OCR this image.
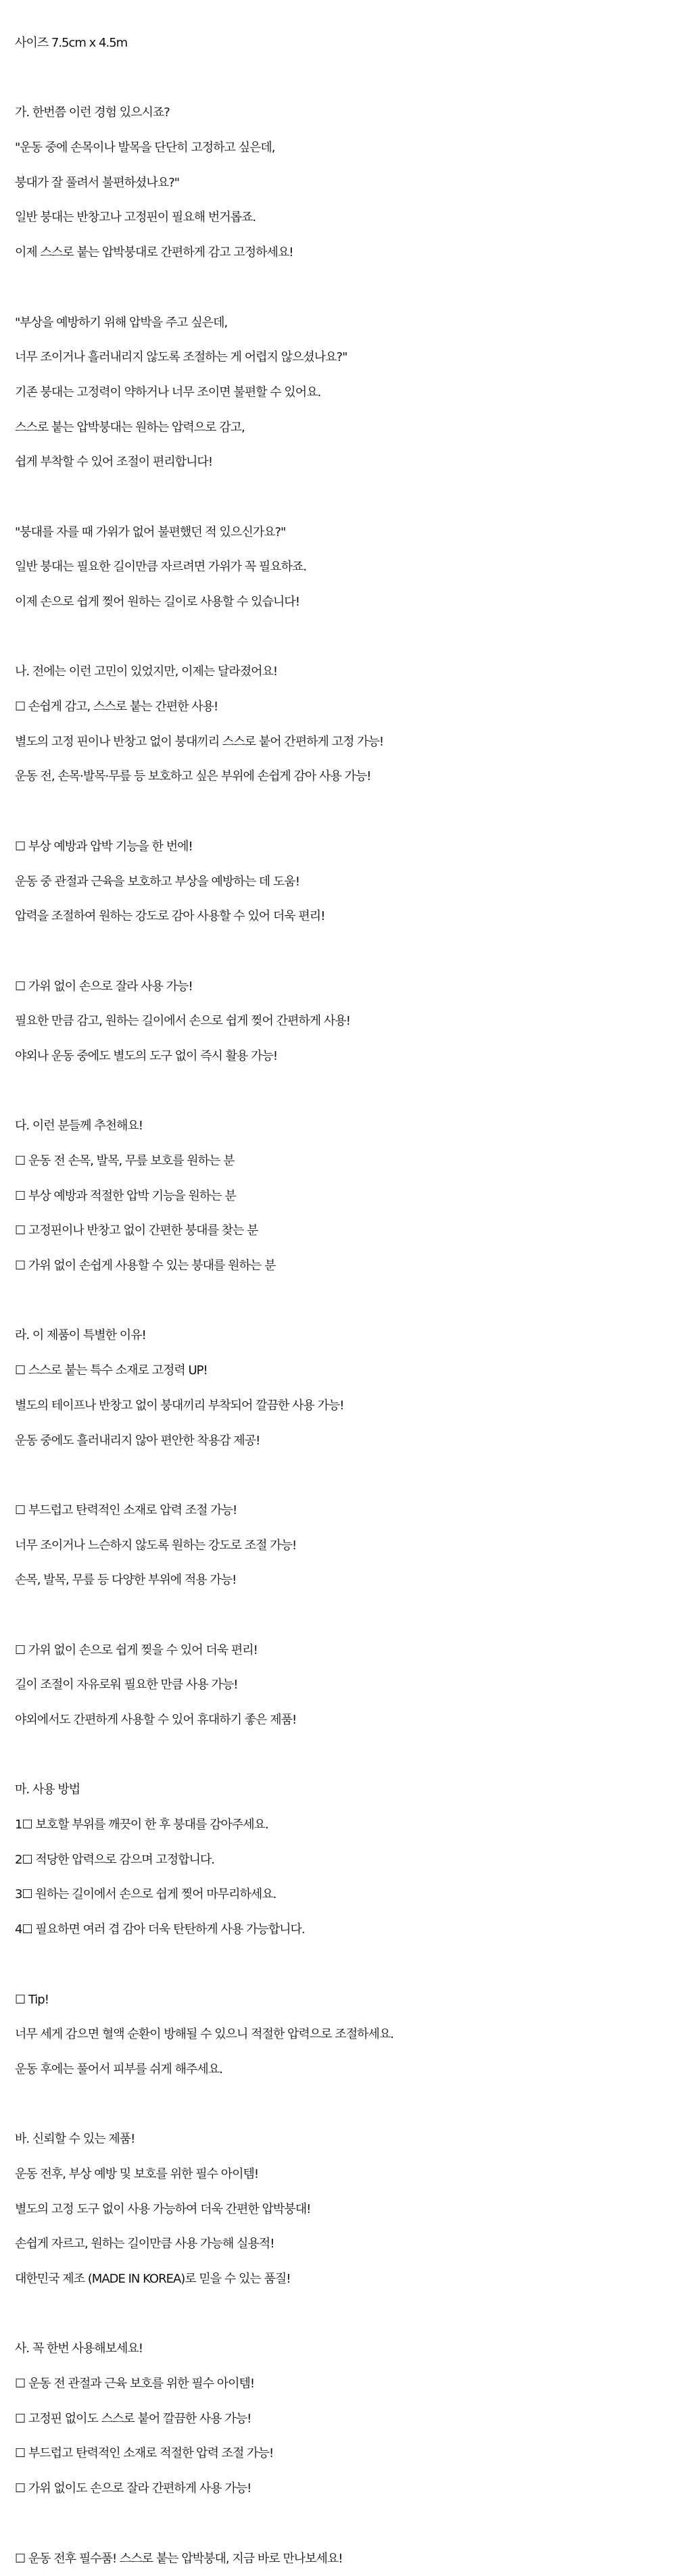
사이즈 7.5cm x 4.5m
가. 한번쯤 이런 경험 있으시죠?
"운동 중에 손목이나 발목을 단단히 고정하고 싶은데,
붕대가 잘 풀려서 불편하셨나요?"
일반 붕대는 반창고나 고정핀이 필요해 번거롭죠.
이제 스스로 붙는 압박붕대로 간편하게 감고 고정하세요!
"부상을 예방하기 위해 압박을 주고 싶은데,
너무 조이거나 흘러내리지 않도록 조절하는 게 어렵지 않으셨나요?"
기존 붕대는 고정력이 약하거나 너무 조이면 불편할 수 있어요.
스스로 붙는 압박붕대는 원하는 압력으로 감고,
쉽게 부착할 수 있어 조절이 편리합니다!
"붕대를 자를 때 가위가 없어 불편했던 적 있으신가요?"
일반 붕대는 필요한 길이만큼 자르려면 가위가 꼭 필요하죠.
이제 손으로 쉽게 찢어 원하는 길이로 사용할 수 있습니다!
나. 전에는 이런 고민이 있었지만, 이제는 달라졌어요!
☐ 손쉽게 감고, 스스로 붙는 간편한 사용!
별도의 고정 핀이나 반창고 없이 붕대끼리 스스로 붙어 간편하게 고정 가능!
운동 전, 손목·발목·무릎 등 보호하고 싶은 부위에 손쉽게 감아 사용 가능!
☐ 부상 예방과 압박 기능을 한 번에!
운동 중 관절과 근육을 보호하고 부상을 예방하는 데 도움!
압력을 조절하여 원하는 강도로 감아 사용할 수 있어 더욱 편리!
☐ 가위 없이 손으로 잘라 사용 가능!
필요한 만큼 감고, 원하는 길이에서 손으로 쉽게 찢어 간편하게 사용!
야외나 운동 중에도 별도의 도구 없이 즉시 활용 가능!
다. 이런 분들께 추천해요!
☐ 운동 전 손목, 발목, 무릎 보호를 원하는 분
☐ 부상 예방과 적절한 압박 기능을 원하는 분
☐ 고정핀이나 반창고 없이 간편한 붕대를 찾는 분
☐ 가위 없이 손쉽게 사용할 수 있는 붕대를 원하는 분
라. 이 제품이 특별한 이유!
☐ 스스로 붙는 특수 소재로 고정력 UP!
별도의 테이프나 반창고 없이 붕대끼리 부착되어 깔끔한 사용 가능!
운동 중에도 흘러내리지 않아 편안한 착용감 제공!
☐ 부드럽고 탄력적인 소재로 압력 조절 가능!
너무 조이거나 느슨하지 않도록 원하는 강도로 조절 가능!
손목, 발목, 무릎 등 다양한 부위에 적용 가능!
☐ 가위 없이 손으로 쉽게 찢을 수 있어 더욱 편리!
길이 조절이 자유로워 필요한 만큼 사용 가능!
야외에서도 간편하게 사용할 수 있어 휴대하기 좋은 제품!
마. 사용 방법
1☐ 보호할 부위를 깨끗이 한 후 붕대를 감아주세요.
2☐ 적당한 압력으로 감으며 고정합니다.
3☐ 원하는 길이에서 손으로 쉽게 찢어 마무리하세요.
4☐ 필요하면 여러 겹 감아 더욱 탄탄하게 사용 가능합니다.
☐ Tip!
너무 세게 감으면 혈액 순환이 방해될 수 있으니 적절한 압력으로 조절하세요.
운동 후에는 풀어서 피부를 쉬게 해주세요.
바. 신뢰할 수 있는 제품!
운동 전후, 부상 예방 및 보호를 위한 필수 아이템!
별도의 고정 도구 없이 사용 가능하여 더욱 간편한 압박붕대!
손쉽게 자르고, 원하는 길이만큼 사용 가능해 실용적!
대한민국 제조 (MADE IN KOREA)로 믿을 수 있는 품질!
사. 꼭 한번 사용해보세요!
☐ 운동 전 관절과 근육 보호를 위한 필수 아이템!
☐ 고정핀 없이도 스스로 붙어 깔끔한 사용 가능!
☐ 부드럽고 탄력적인 소재로 적절한 압력 조절 가능!
☐ 가위 없이도 손으로 잘라 간편하게 사용 가능!
☐ 운동 전후 필수품! 스스로 붙는 압박붕대, 지금 바로 만나보세요!
